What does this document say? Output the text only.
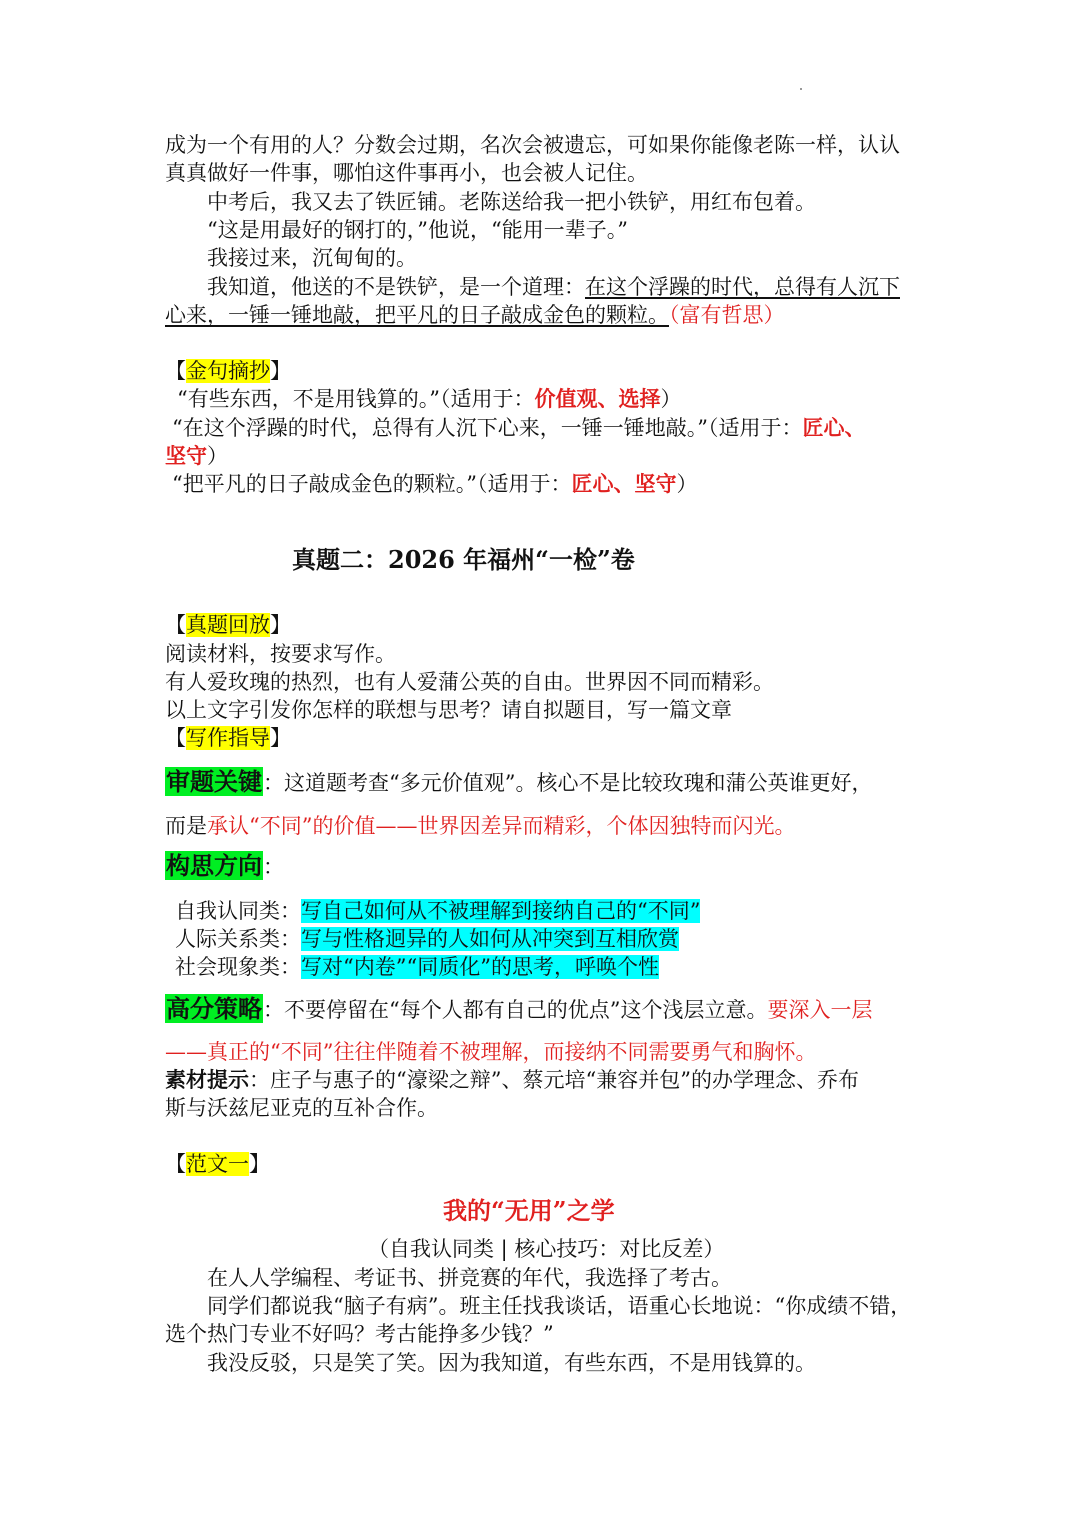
成为一个有用的人？分数会过期，名次会被遗忘，可如果你能像老陈一样，认认
真真做好一件事，哪怕这件事再小，也会被人记住。
中考后，我又去了铁匠铺。老陈送给我一把小铁铲，用红布包着。
“这是用最好的钢打的，”他说，“能用一辈子。”
我接过来，沉甸甸的。
我知道，他送的不是铁铲，是一个道理：在这个浮躁的时代，总得有人沉下
心来，一锤一锤地敲，把平凡的日子敲成金色的颗粒。（富有哲思）
【金句摘抄】
“有些东西，不是用钱算的。”（适用于：价值观、选择）
“在这个浮躁的时代，总得有人沉下心来，一锤一锤地敲。”（适用于：匠心、
坚守）
“把平凡的日子敲成金色的颗粒。”（适用于：匠心、坚守）
真题二：2026 年福州“一检”卷
【真题回放】
阅读材料，按要求写作。
有人爱玫瑰的热烈，也有人爱蒲公英的自由。世界因不同而精彩。
以上文字引发你怎样的联想与思考？请自拟题目，写一篇文章
【写作指导】
审题关键：这道题考查“多元价值观”。核心不是比较玫瑰和蒲公英谁更好，
而是承认“不同”的价值——世界因差异而精彩，个体因独特而闪光。
构思方向：
自我认同类：写自己如何从不被理解到接纳自己的“不同”
人际关系类：写与性格迥异的人如何从冲突到互相欣赏
社会现象类：写对“内卷”“同质化”的思考，呼唤个性
高分策略：不要停留在“每个人都有自己的优点”这个浅层立意。要深入一层
——真正的“不同”往往伴随着不被理解，而接纳不同需要勇气和胸怀。
素材提示：庄子与惠子的“濠梁之辩”、蔡元培“兼容并包”的办学理念、乔布
斯与沃兹尼亚克的互补合作。
【范文一】
我的“无用”之学
（自我认同类 | 核心技巧：对比反差）
在人人学编程、考证书、拼竞赛的年代，我选择了考古。
同学们都说我“脑子有病”。班主任找我谈话，语重心长地说：“你成绩不错，
选个热门专业不好吗？考古能挣多少钱？”
我没反驳，只是笑了笑。因为我知道，有些东西，不是用钱算的。
